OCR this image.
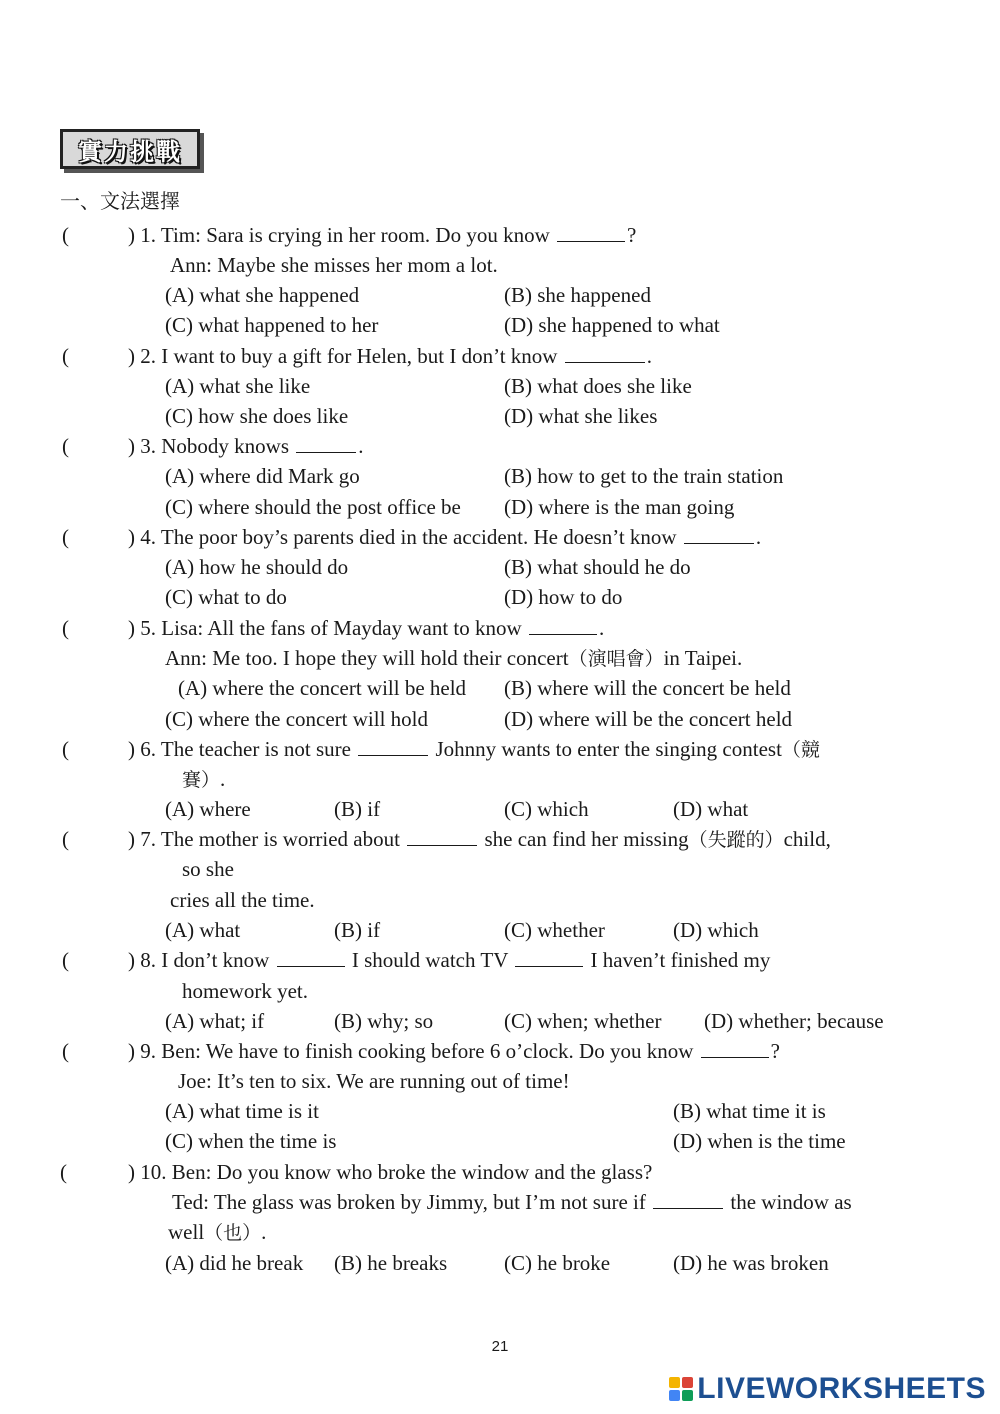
實力挑戰
一、文法選擇
(	) 1. Tim: Sara is crying in her room. Do you know	?
Ann: Maybe she misses her mom a lot.
(A) what she happened	(B) she happened
(C) what happened to her	(D) she happened to what
(	) 2. I want to buy a gift for Helen, but I don’t know	.
(A) what she like	(B) what does she like
(C) how she does like	(D) what she likes
(	) 3. Nobody knows	.
(A) where did Mark go	(B) how to get to the train station
(C) where should the post office be (D) where is the man going
(	) 4. The poor boy’s parents died in the accident. He doesn’t know	.
(A) how he should do	(B) what should he do
(C) what to do	(D) how to do
(	) 5. Lisa: All the fans of Mayday want to know	.
Ann: Me too. I hope they will hold their concert（演唱會）in Taipei.
(A) where the concert will be held (B) where will the concert be held
(C) where the concert will hold	(D) where will be the concert held
(	) 6. The teacher is not sure	Johnny wants to enter the singing contest（競
賽）.
(A) where	(B) if	(C) which	(D) what
(	) 7. The mother is worried about	she can find her missing（失蹤的）child,
so she
cries all the time.
(A) what	(B) if	(C) whether	(D) which
(	) 8. I don’t know	I should watch TV	I haven’t finished my
homework yet.
(A) what; if	(B) why; so	(C) when; whether (D) whether; because
(	) 9. Ben: We have to finish cooking before 6 o’clock. Do you know	?
Joe: It’s ten to six. We are running out of time!
(A) what time is it	(B) what time it is
(C) when the time is	(D) when is the time
(	) 10. Ben: Do you know who broke the window and the glass?
Ted: The glass was broken by Jimmy, but I’m not sure if	the window as
well（也）.
(A) did he break (B) he breaks	(C) he broke	(D) he was broken
21
LIVEWORKSHEETS
